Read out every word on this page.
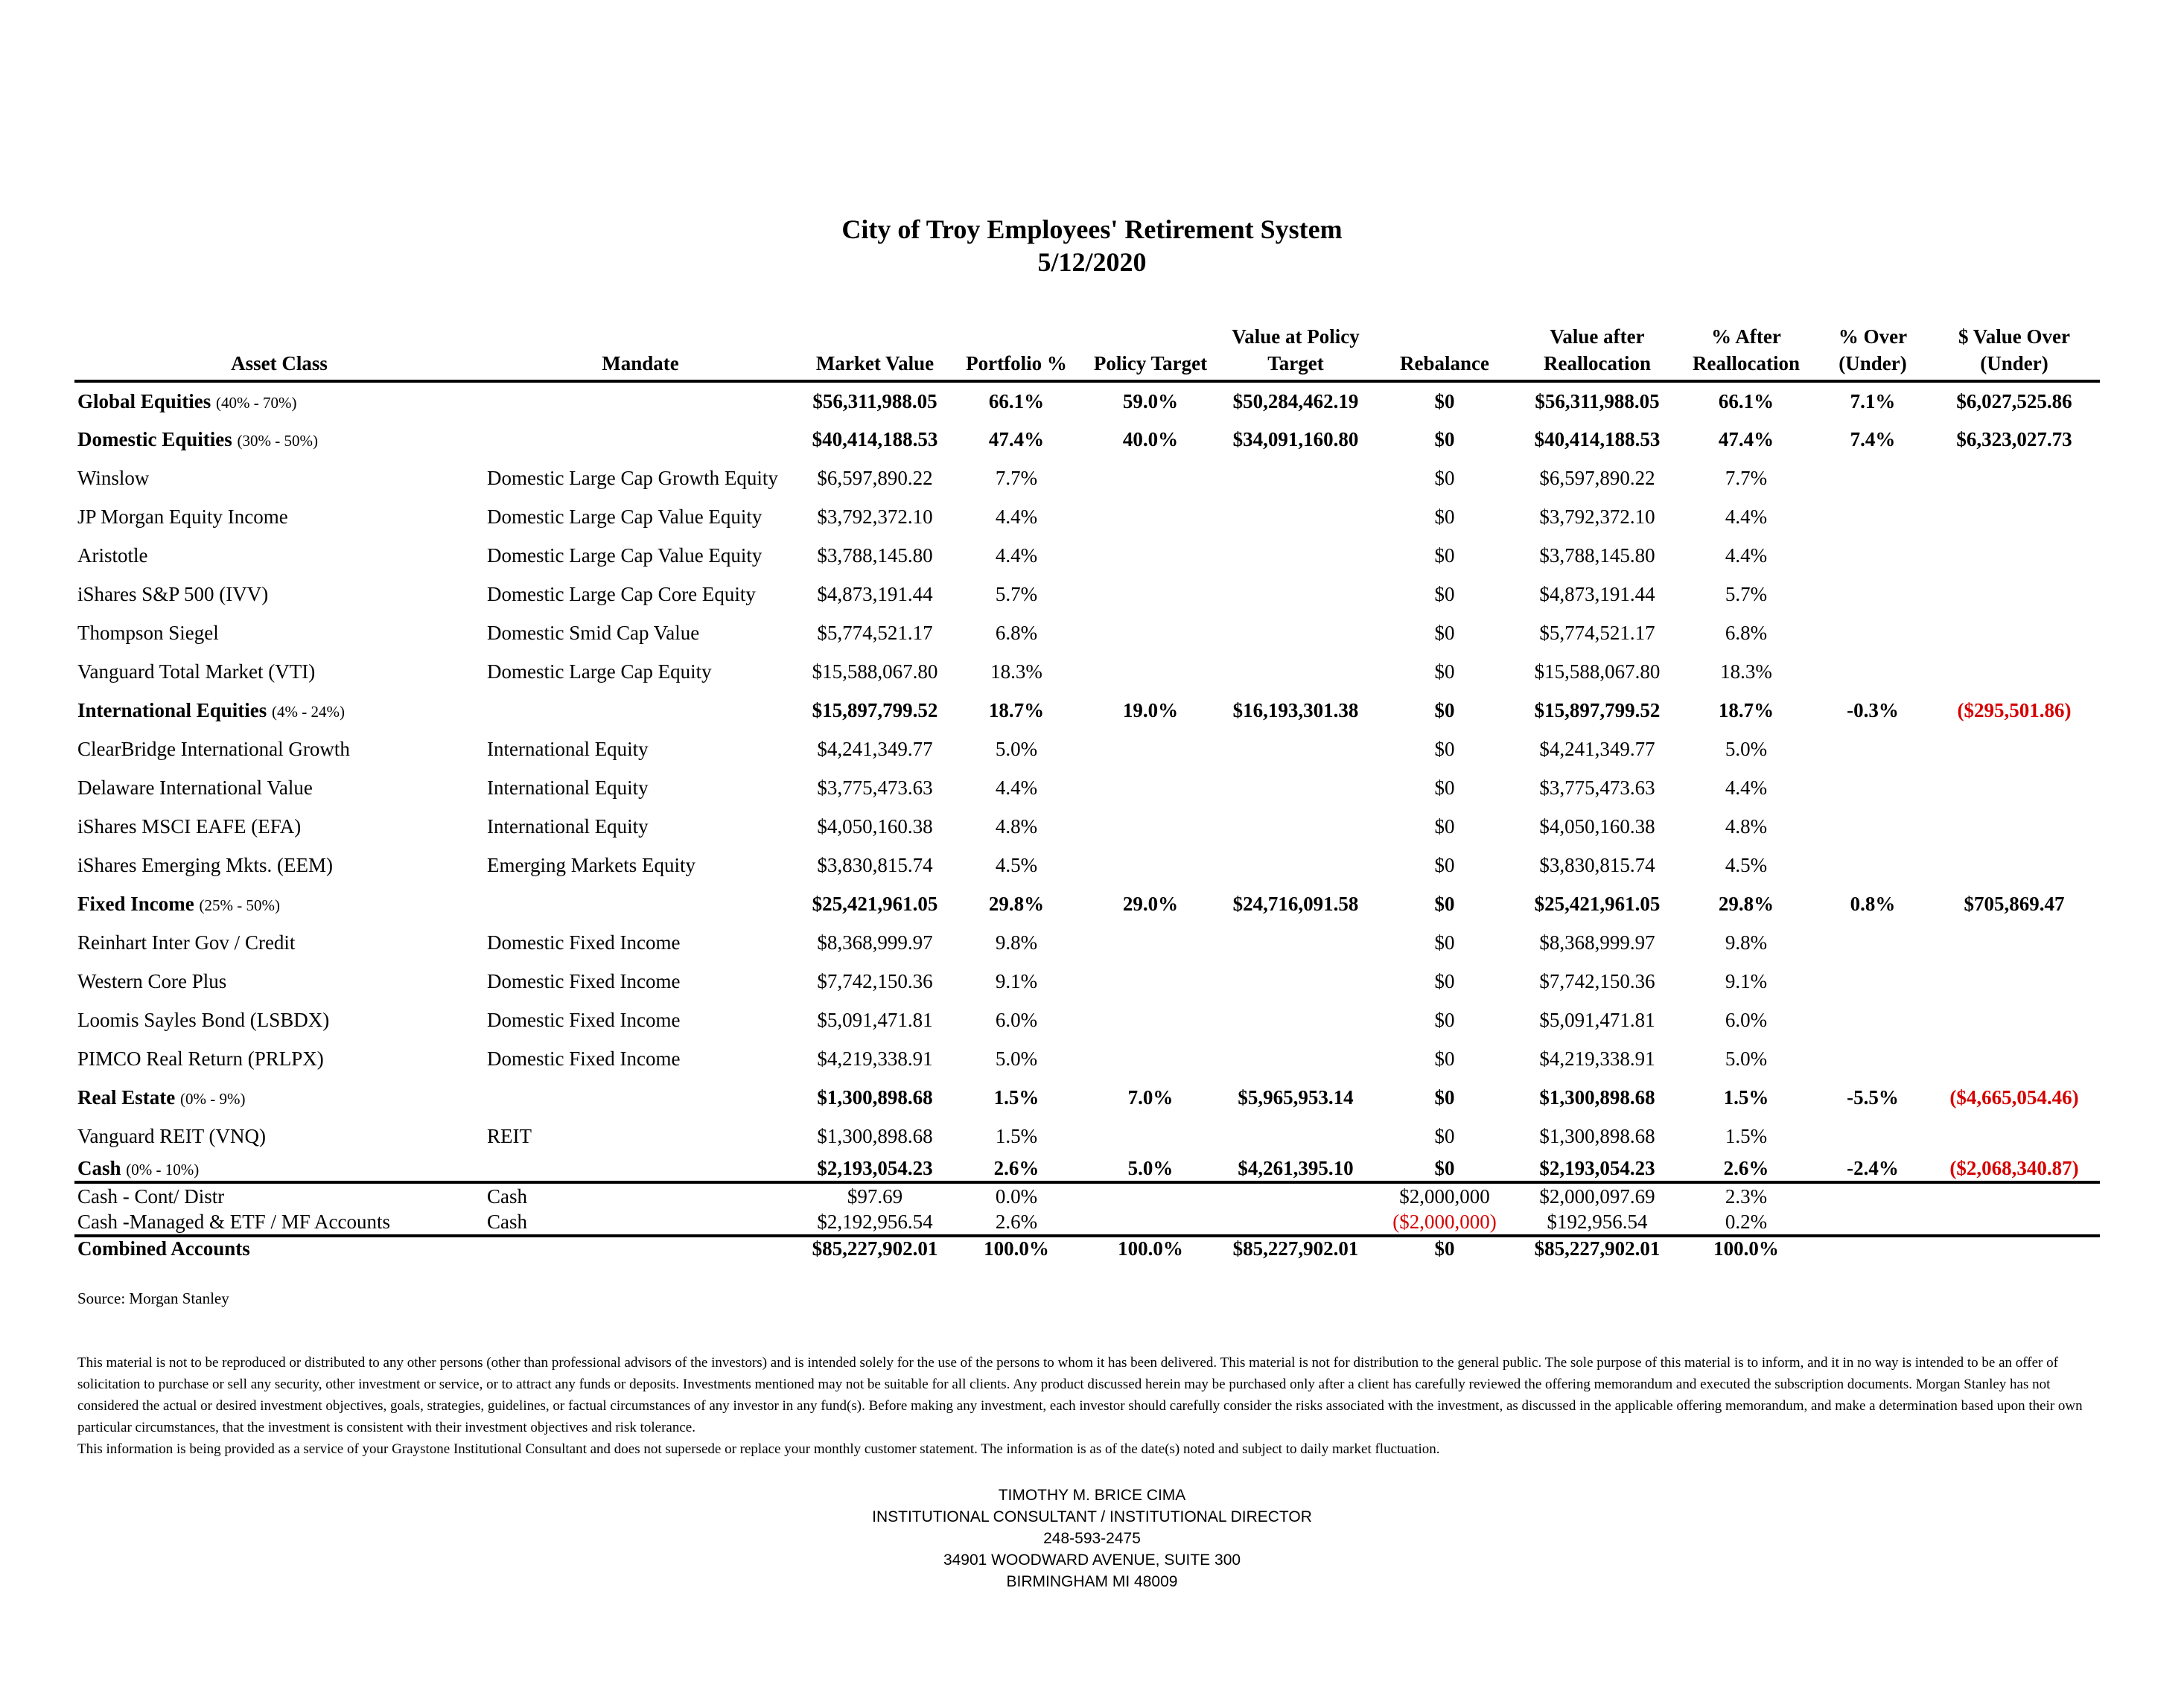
City of Troy Employees' Retirement System
5/12/2020
Asset Class	Mandate	Market Value	Portfolio %	Policy Target	Value at Policy Target	Rebalance	Value after Reallocation	% After Reallocation	% Over (Under)	$ Value Over (Under)
Global Equities (40% - 70%)		$56,311,988.05	66.1%	59.0%	$50,284,462.19	$0	$56,311,988.05	66.1%	7.1%	$6,027,525.86
Domestic Equities (30% - 50%)		$40,414,188.53	47.4%	40.0%	$34,091,160.80	$0	$40,414,188.53	47.4%	7.4%	$6,323,027.73
Winslow	Domestic Large Cap Growth Equity	$6,597,890.22	7.7%			$0	$6,597,890.22	7.7%		
JP Morgan Equity Income	Domestic Large Cap Value Equity	$3,792,372.10	4.4%			$0	$3,792,372.10	4.4%		
Aristotle	Domestic Large Cap Value Equity	$3,788,145.80	4.4%			$0	$3,788,145.80	4.4%		
iShares S&P 500 (IVV)	Domestic Large Cap Core Equity	$4,873,191.44	5.7%			$0	$4,873,191.44	5.7%		
Thompson Siegel	Domestic Smid Cap Value	$5,774,521.17	6.8%			$0	$5,774,521.17	6.8%		
Vanguard Total Market (VTI)	Domestic Large Cap Equity	$15,588,067.80	18.3%			$0	$15,588,067.80	18.3%		
International Equities (4% - 24%)		$15,897,799.52	18.7%	19.0%	$16,193,301.38	$0	$15,897,799.52	18.7%	-0.3%	($295,501.86)
ClearBridge International Growth	International Equity	$4,241,349.77	5.0%			$0	$4,241,349.77	5.0%		
Delaware International Value	International Equity	$3,775,473.63	4.4%			$0	$3,775,473.63	4.4%		
iShares MSCI EAFE (EFA)	International Equity	$4,050,160.38	4.8%			$0	$4,050,160.38	4.8%		
iShares Emerging Mkts. (EEM)	Emerging Markets Equity	$3,830,815.74	4.5%			$0	$3,830,815.74	4.5%		
Fixed Income (25% - 50%)		$25,421,961.05	29.8%	29.0%	$24,716,091.58	$0	$25,421,961.05	29.8%	0.8%	$705,869.47
Reinhart Inter Gov / Credit	Domestic Fixed Income	$8,368,999.97	9.8%			$0	$8,368,999.97	9.8%		
Western Core Plus	Domestic Fixed Income	$7,742,150.36	9.1%			$0	$7,742,150.36	9.1%		
Loomis Sayles Bond (LSBDX)	Domestic Fixed Income	$5,091,471.81	6.0%			$0	$5,091,471.81	6.0%		
PIMCO Real Return (PRLPX)	Domestic Fixed Income	$4,219,338.91	5.0%			$0	$4,219,338.91	5.0%		
Real Estate (0% - 9%)		$1,300,898.68	1.5%	7.0%	$5,965,953.14	$0	$1,300,898.68	1.5%	-5.5%	($4,665,054.46)
Vanguard REIT (VNQ)	REIT	$1,300,898.68	1.5%			$0	$1,300,898.68	1.5%		
Cash (0% - 10%)		$2,193,054.23	2.6%	5.0%	$4,261,395.10	$0	$2,193,054.23	2.6%	-2.4%	($2,068,340.87)
Cash - Cont/ Distr	Cash	$97.69	0.0%			$2,000,000	$2,000,097.69	2.3%		
Cash -Managed & ETF / MF Accounts	Cash	$2,192,956.54	2.6%			($2,000,000)	$192,956.54	0.2%		
Combined Accounts		$85,227,902.01	100.0%	100.0%	$85,227,902.01	$0	$85,227,902.01	100.0%		
Source: Morgan Stanley

This material is not to be reproduced or distributed to any other persons (other than professional advisors of the investors) and is intended solely for the use of the persons to whom it has been delivered. This material is not for distribution to the general public. The sole purpose of this material is to inform, and it in no way is intended to be an offer of solicitation to purchase or sell any security, other investment or service, or to attract any funds or deposits. Investments mentioned may not be suitable for all clients. Any product discussed herein may be purchased only after a client has carefully reviewed the offering memorandum and executed the subscription documents. Morgan Stanley has not considered the actual or desired investment objectives, goals, strategies, guidelines, or factual circumstances of any investor in any fund(s). Before making any investment, each investor should carefully consider the risks associated with the investment, as discussed in the applicable offering memorandum, and make a determination based upon their own particular circumstances, that the investment is consistent with their investment objectives and risk tolerance.

This information is being provided as a service of your Graystone Institutional Consultant and does not supersede or replace your monthly customer statement. The information is as of the date(s) noted and subject to daily market fluctuation.

TIMOTHY M. BRICE CIMA
INSTITUTIONAL CONSULTANT / INSTITUTIONAL DIRECTOR
248-593-2475
34901 WOODWARD AVENUE, SUITE 300
BIRMINGHAM MI 48009
